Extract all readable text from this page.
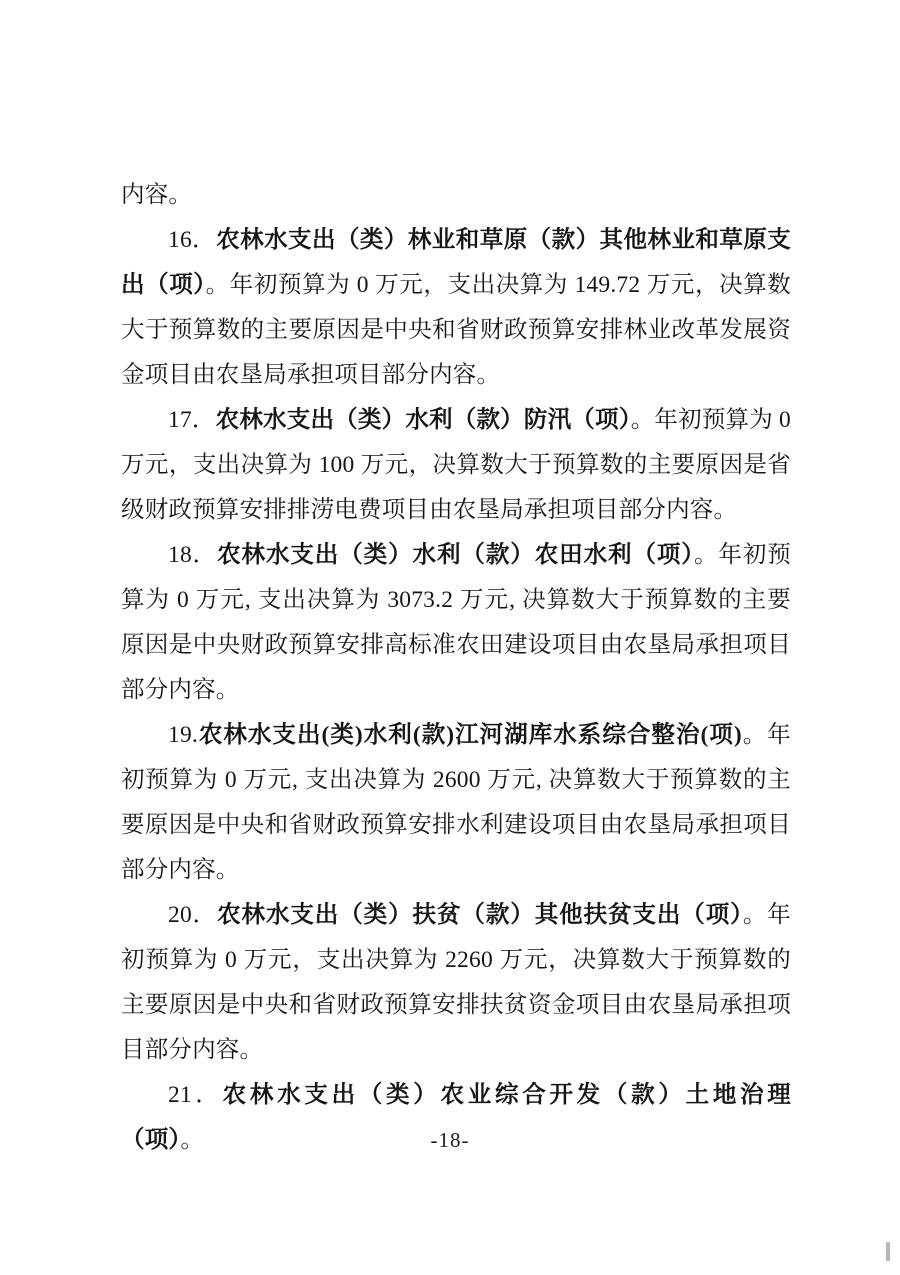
内容。

16．农林水支出（类）林业和草原（款）其他林业和草原支出（项）。年初预算为 0 万元，支出决算为 149.72 万元，决算数大于预算数的主要原因是中央和省财政预算安排林业改革发展资金项目由农垦局承担项目部分内容。

17．农林水支出（类）水利（款）防汛（项）。年初预算为 0 万元，支出决算为 100 万元，决算数大于预算数的主要原因是省级财政预算安排排涝电费项目由农垦局承担项目部分内容。

18．农林水支出（类）水利（款）农田水利（项）。年初预算为 0 万元, 支出决算为 3073.2 万元, 决算数大于预算数的主要原因是中央财政预算安排高标准农田建设项目由农垦局承担项目部分内容。

19.农林水支出(类)水利(款)江河湖库水系综合整治(项)。年初预算为 0 万元, 支出决算为 2600 万元, 决算数大于预算数的主要原因是中央和省财政预算安排水利建设项目由农垦局承担项目部分内容。

20．农林水支出（类）扶贫（款）其他扶贫支出（项）。年初预算为 0 万元，支出决算为 2260 万元，决算数大于预算数的主要原因是中央和省财政预算安排扶贫资金项目由农垦局承担项目部分内容。

21．农林水支出（类）农业综合开发（款）土地治理（项）。	-18-
